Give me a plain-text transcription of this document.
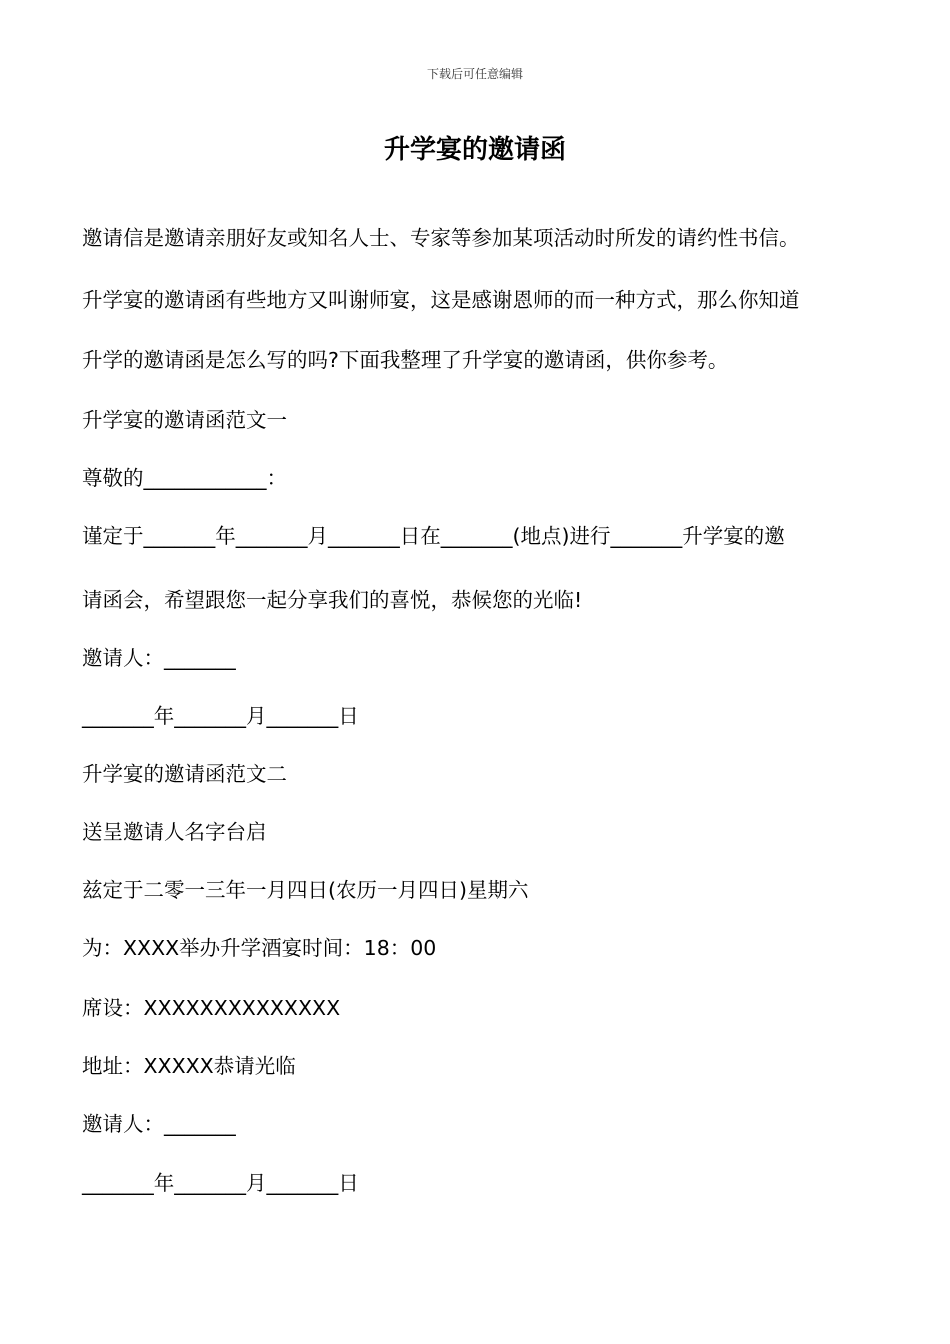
下载后可任意编辑
升学宴的邀请函
邀请信是邀请亲朋好友或知名人士、专家等参加某项活动时所发的请约性书信。
升学宴的邀请函有些地方又叫谢师宴，这是感谢恩师的而一种方式，那么你知道
升学的邀请函是怎么写的吗?下面我整理了升学宴的邀请函，供你参考。
升学宴的邀请函范文一
尊敬的____________：
谨定于_______年_______月_______日在_______(地点)进行_______升学宴的邀
请函会，希望跟您一起分享我们的喜悦，恭候您的光临!
邀请人：_______
_______年_______月_______日
升学宴的邀请函范文二
送呈邀请人名字台启
兹定于二零一三年一月四日(农历一月四日)星期六
为：XXXX举办升学酒宴时间：18：00
席设：XXXXXXXXXXXXXX
地址：XXXXX恭请光临
邀请人：_______
_______年_______月_______日
